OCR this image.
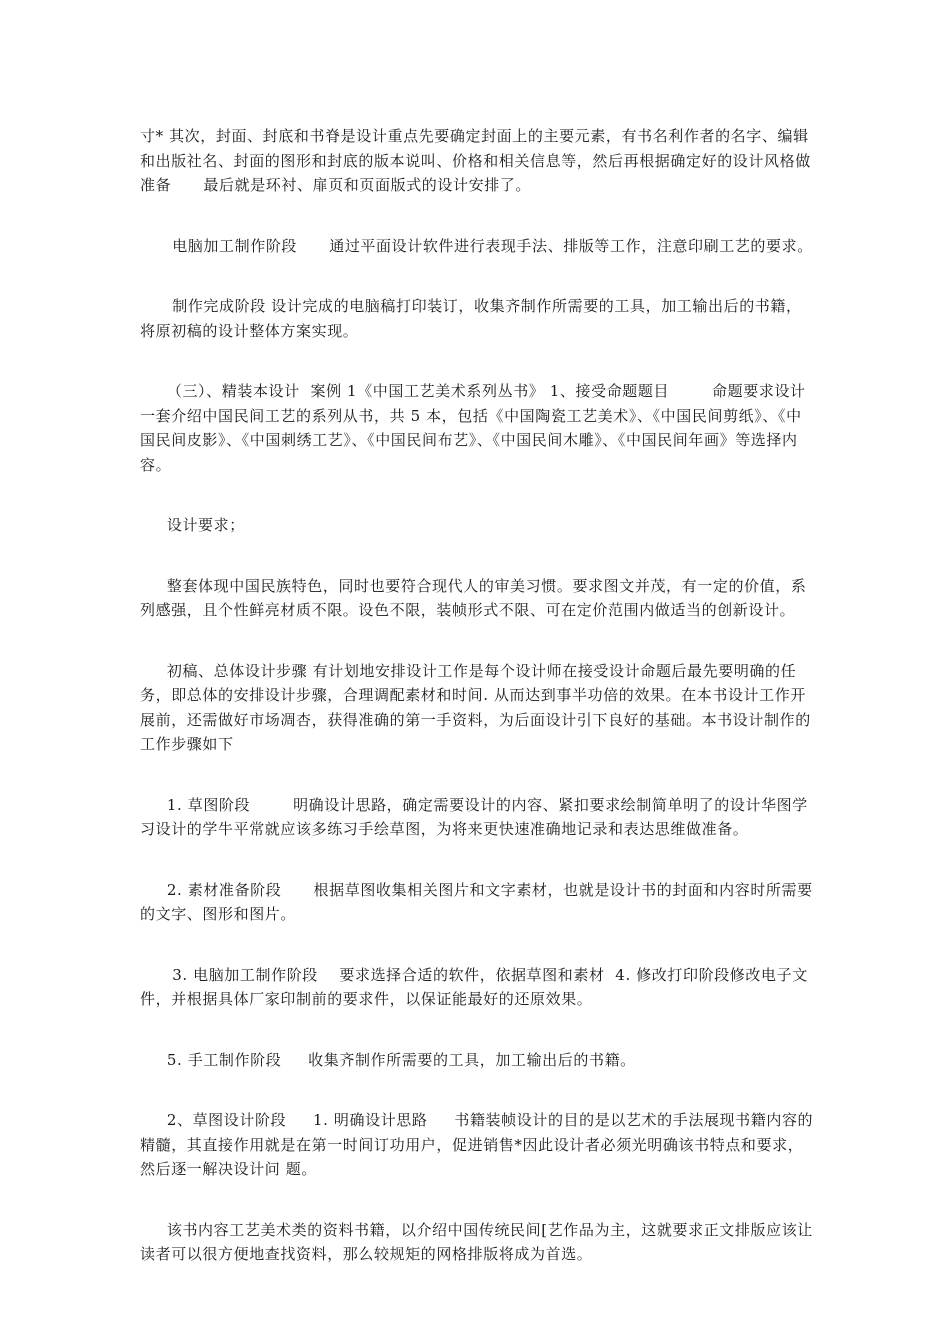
寸* 其次，封面、封底和书脊是设计重点先要确定封面上的主要元素，有书名利作者的名字、编辑和出版社名、封面的图形和封底的版本说叫、价格和相关信息等，然后再根据确定好的设计风格做准备      最后就是环衬、扉页和页面版式的设计安排了。

电脑加工制作阶段      通过平面设计软件进行表现手法、排版等工作，注意印刷工艺的要求。

制作完成阶段 设计完成的电脑稿打印装订，收集齐制作所需要的工具，加工输出后的书籍，将原初稿的设计整体方案实现。

（三）、精装本设计  案例 1《中国工艺美术系列丛书》 1、接受命题题目        命题要求设计一套介绍中国民间工艺的系列从书，共 5 本，包括《中国陶瓷工艺美术》、《中国民间剪纸》、《中国民间皮影》、《中国刺绣工艺》、《中国民间布艺》、《中国民间木雕》、《中国民间年画》等选择内容。

设计要求；

整套体现中国民族特色，同时也要符合现代人的审美习惯。要求图文并茂，有一定的价值，系列感强，且个性鲜亮材质不限。设色不限，装帧形式不限、可在定价范围内做适当的创新设计。

初稿、总体设计步骤 有计划地安排设计工作是每个设计师在接受设计命题后最先要明确的任务，即总体的安排设计步骤，合理调配素材和时间. 从而达到事半功倍的效果。在本书设计工作开展前，还需做好市场凋杏，获得准确的第一手资料，为后面设计引下良好的基础。本书设计制作的工作步骤如下

1. 草图阶段        明确设计思路，确定需要设计的内容、紧扣要求绘制简单明了的设计华图学习设计的学牛平常就应该多练习手绘草图，为将来更快速准确地记录和表达思维做准备。

2. 素材准备阶段      根据草图收集相关图片和文字素材，也就是设计书的封面和内容时所需要的文字、图形和图片。

3. 电脑加工制作阶段    要求选择合适的软件，依据草图和素材  4. 修改打印阶段修改电子文件，并根据具体厂家印制前的要求件，以保证能最好的还原效果。

5. 手工制作阶段     收集齐制作所需要的工具，加工输出后的书籍。

2、草图设计阶段     1. 明确设计思路     书籍装帧设计的目的是以艺术的手法展现书籍内容的精髓，其直接作用就是在第一时间订功用户，促进销售*因此设计者必须光明确该书特点和要求，然后逐一解决设计问 题。

该书内容工艺美术类的资料书籍，以介绍中国传统民间[艺作品为主，这就要求正文排版应该让读者可以很方便地查找资料，那么较规矩的网格排版将成为首选。
